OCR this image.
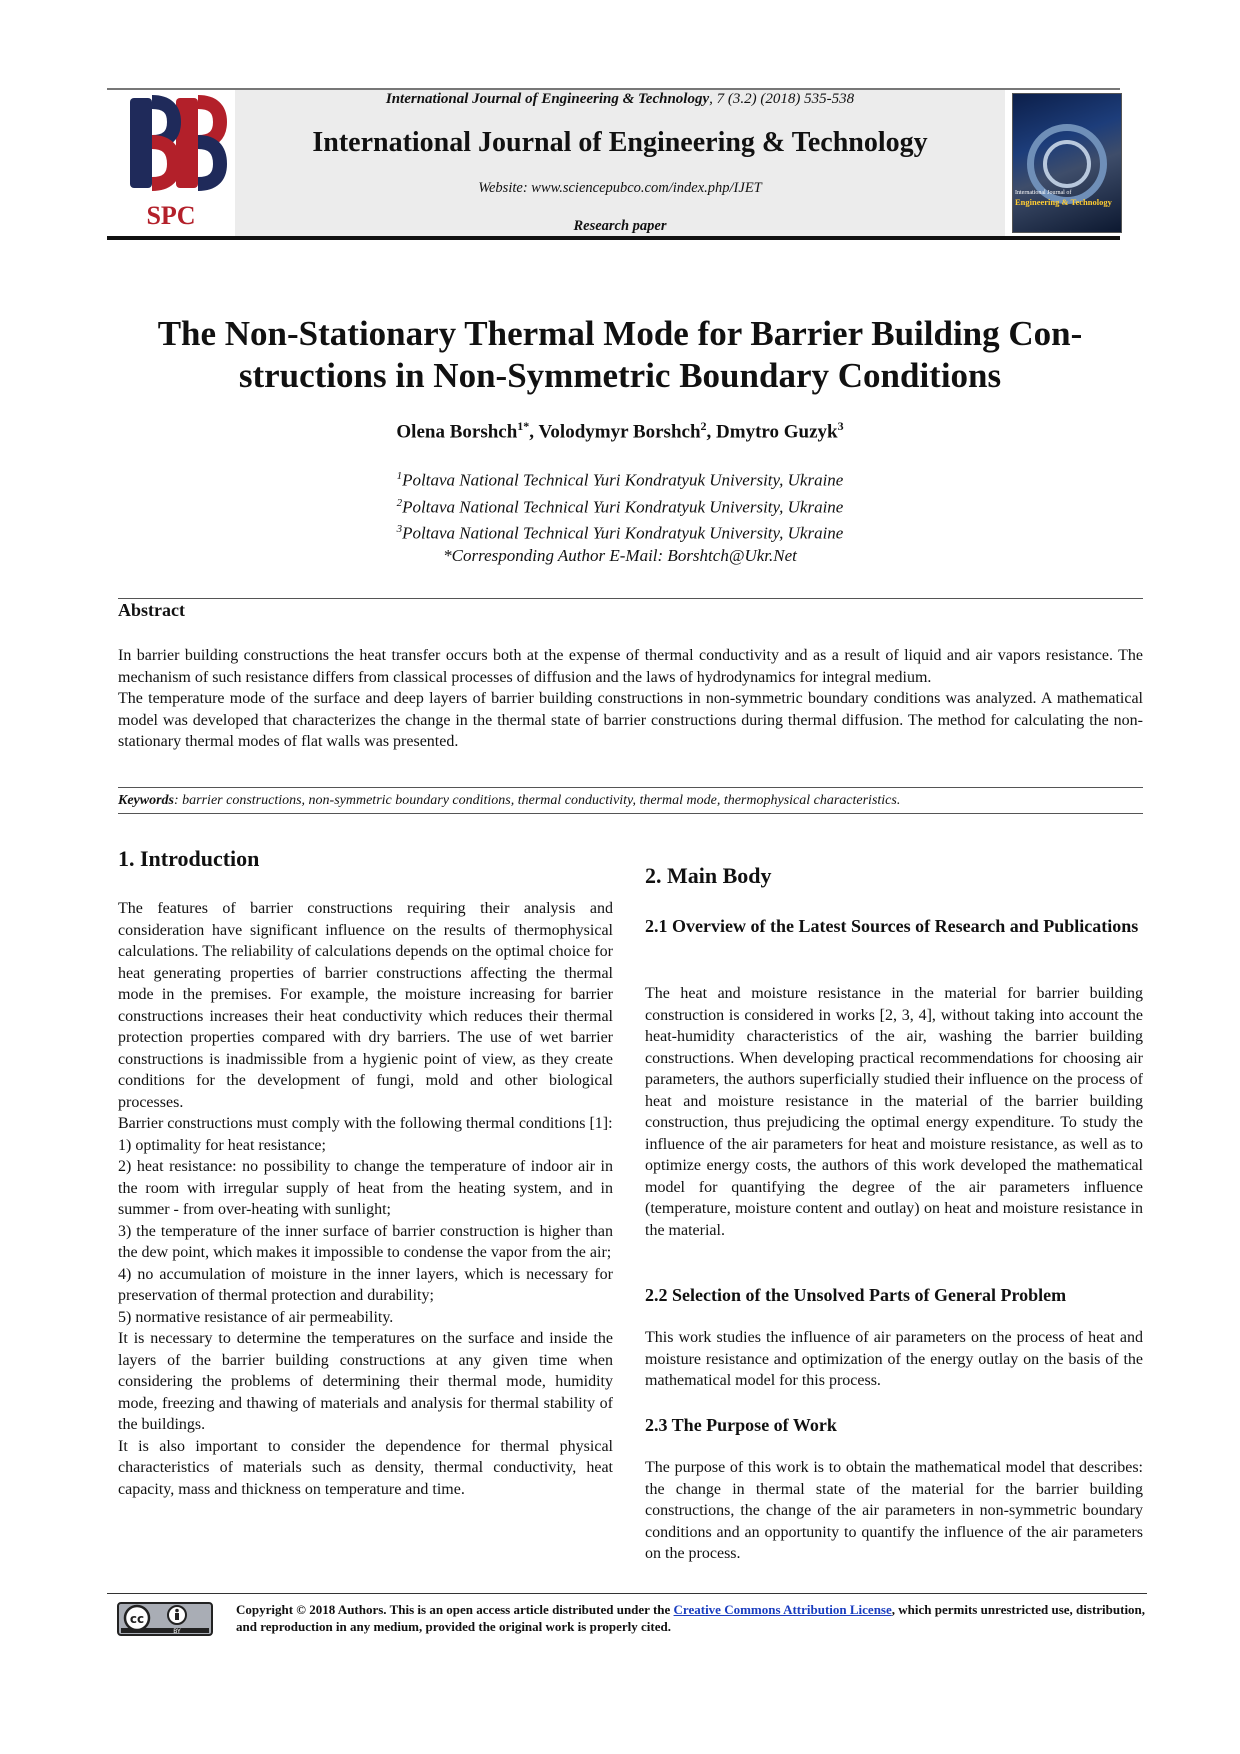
SPC
International Journal of Engineering & Technology, 7 (3.2) (2018) 535-538
International Journal of Engineering & Technology
Website: www.sciencepubco.com/index.php/IJET
Research paper
International Journal of
Engineering & Technology
The Non-Stationary Thermal Mode for Barrier Building Con-
structions in Non-Symmetric Boundary Conditions
Olena Borshch$^{1*}$, Volodymyr Borshch$^2$, Dmytro Guzyk$^3$
$^1$Poltava National Technical Yuri Kondratyuk University, Ukraine
$^2$Poltava National Technical Yuri Kondratyuk University, Ukraine
$^3$Poltava National Technical Yuri Kondratyuk University, Ukraine
*Corresponding Author E-Mail: Borshtch@Ukr.Net
Abstract

In barrier building constructions the heat transfer occurs both at the expense of thermal conductivity and as a result of liquid and air vapors resistance. The mechanism of such resistance differs from classical processes of diffusion and the laws of hydrodynamics for integral medium.

The temperature mode of the surface and deep layers of barrier building constructions in non-symmetric boundary conditions was analyzed. A mathematical model was developed that characterizes the change in the thermal state of barrier constructions during thermal diffusion. The method for calculating the non-stationary thermal modes of flat walls was presented.

Keywords: barrier constructions, non-symmetric boundary conditions, thermal conductivity, thermal mode, thermophysical characteristics.
1. Introduction

The features of barrier constructions requiring their analysis and consideration have significant influence on the results of thermophysical calculations. The reliability of calculations depends on the optimal choice for heat generating properties of barrier constructions affecting the thermal mode in the premises. For example, the moisture increasing for barrier constructions increases their heat conductivity which reduces their thermal protection properties compared with dry barriers. The use of wet barrier constructions is inadmissible from a hygienic point of view, as they create conditions for the development of fungi, mold and other biological processes.

Barrier constructions must comply with the following thermal conditions [1]:

1) optimality for heat resistance;

2) heat resistance: no possibility to change the temperature of indoor air in the room with irregular supply of heat from the heating system, and in summer - from over-heating with sunlight;

3) the temperature of the inner surface of barrier construction is higher than the dew point, which makes it impossible to condense the vapor from the air;

4) no accumulation of moisture in the inner layers, which is necessary for preservation of thermal protection and durability;

5) normative resistance of air permeability.

It is necessary to determine the temperatures on the surface and inside the layers of the barrier building constructions at any given time when considering the problems of determining their thermal mode, humidity mode, freezing and thawing of materials and analysis for thermal stability of the buildings.

It is also important to consider the dependence for thermal physical characteristics of materials such as density, thermal conductivity, heat capacity, mass and thickness on temperature and time.

2. Main Body
2.1 Overview of the Latest Sources of Research and Publications

The heat and moisture resistance in the material for barrier building construction is considered in works [2, 3, 4], without taking into account the heat-humidity characteristics of the air, washing the barrier building constructions. When developing practical recommendations for choosing air parameters, the authors superficially studied their influence on the process of heat and moisture resistance in the material of the barrier building construction, thus prejudicing the optimal energy expenditure. To study the influence of the air parameters for heat and moisture resistance, as well as to optimize energy costs, the authors of this work developed the mathematical model for quantifying the degree of the air parameters influence (temperature, moisture content and outlay) on heat and moisture resistance in the material.

2.2 Selection of the Unsolved Parts of General Problem

This work studies the influence of air parameters on the process of heat and moisture resistance and optimization of the energy outlay on the basis of the mathematical model for this process.

2.3 The Purpose of Work

The purpose of this work is to obtain the mathematical model that describes: the change in thermal state of the material for the barrier building constructions, the change of the air parameters in non-symmetric boundary conditions and an opportunity to quantify the influence of the air parameters on the process.

cc
BY
Copyright © 2018 Authors. This is an open access article distributed under the Creative Commons Attribution License, which permits unrestricted use, distribution, and reproduction in any medium, provided the original work is properly cited.
